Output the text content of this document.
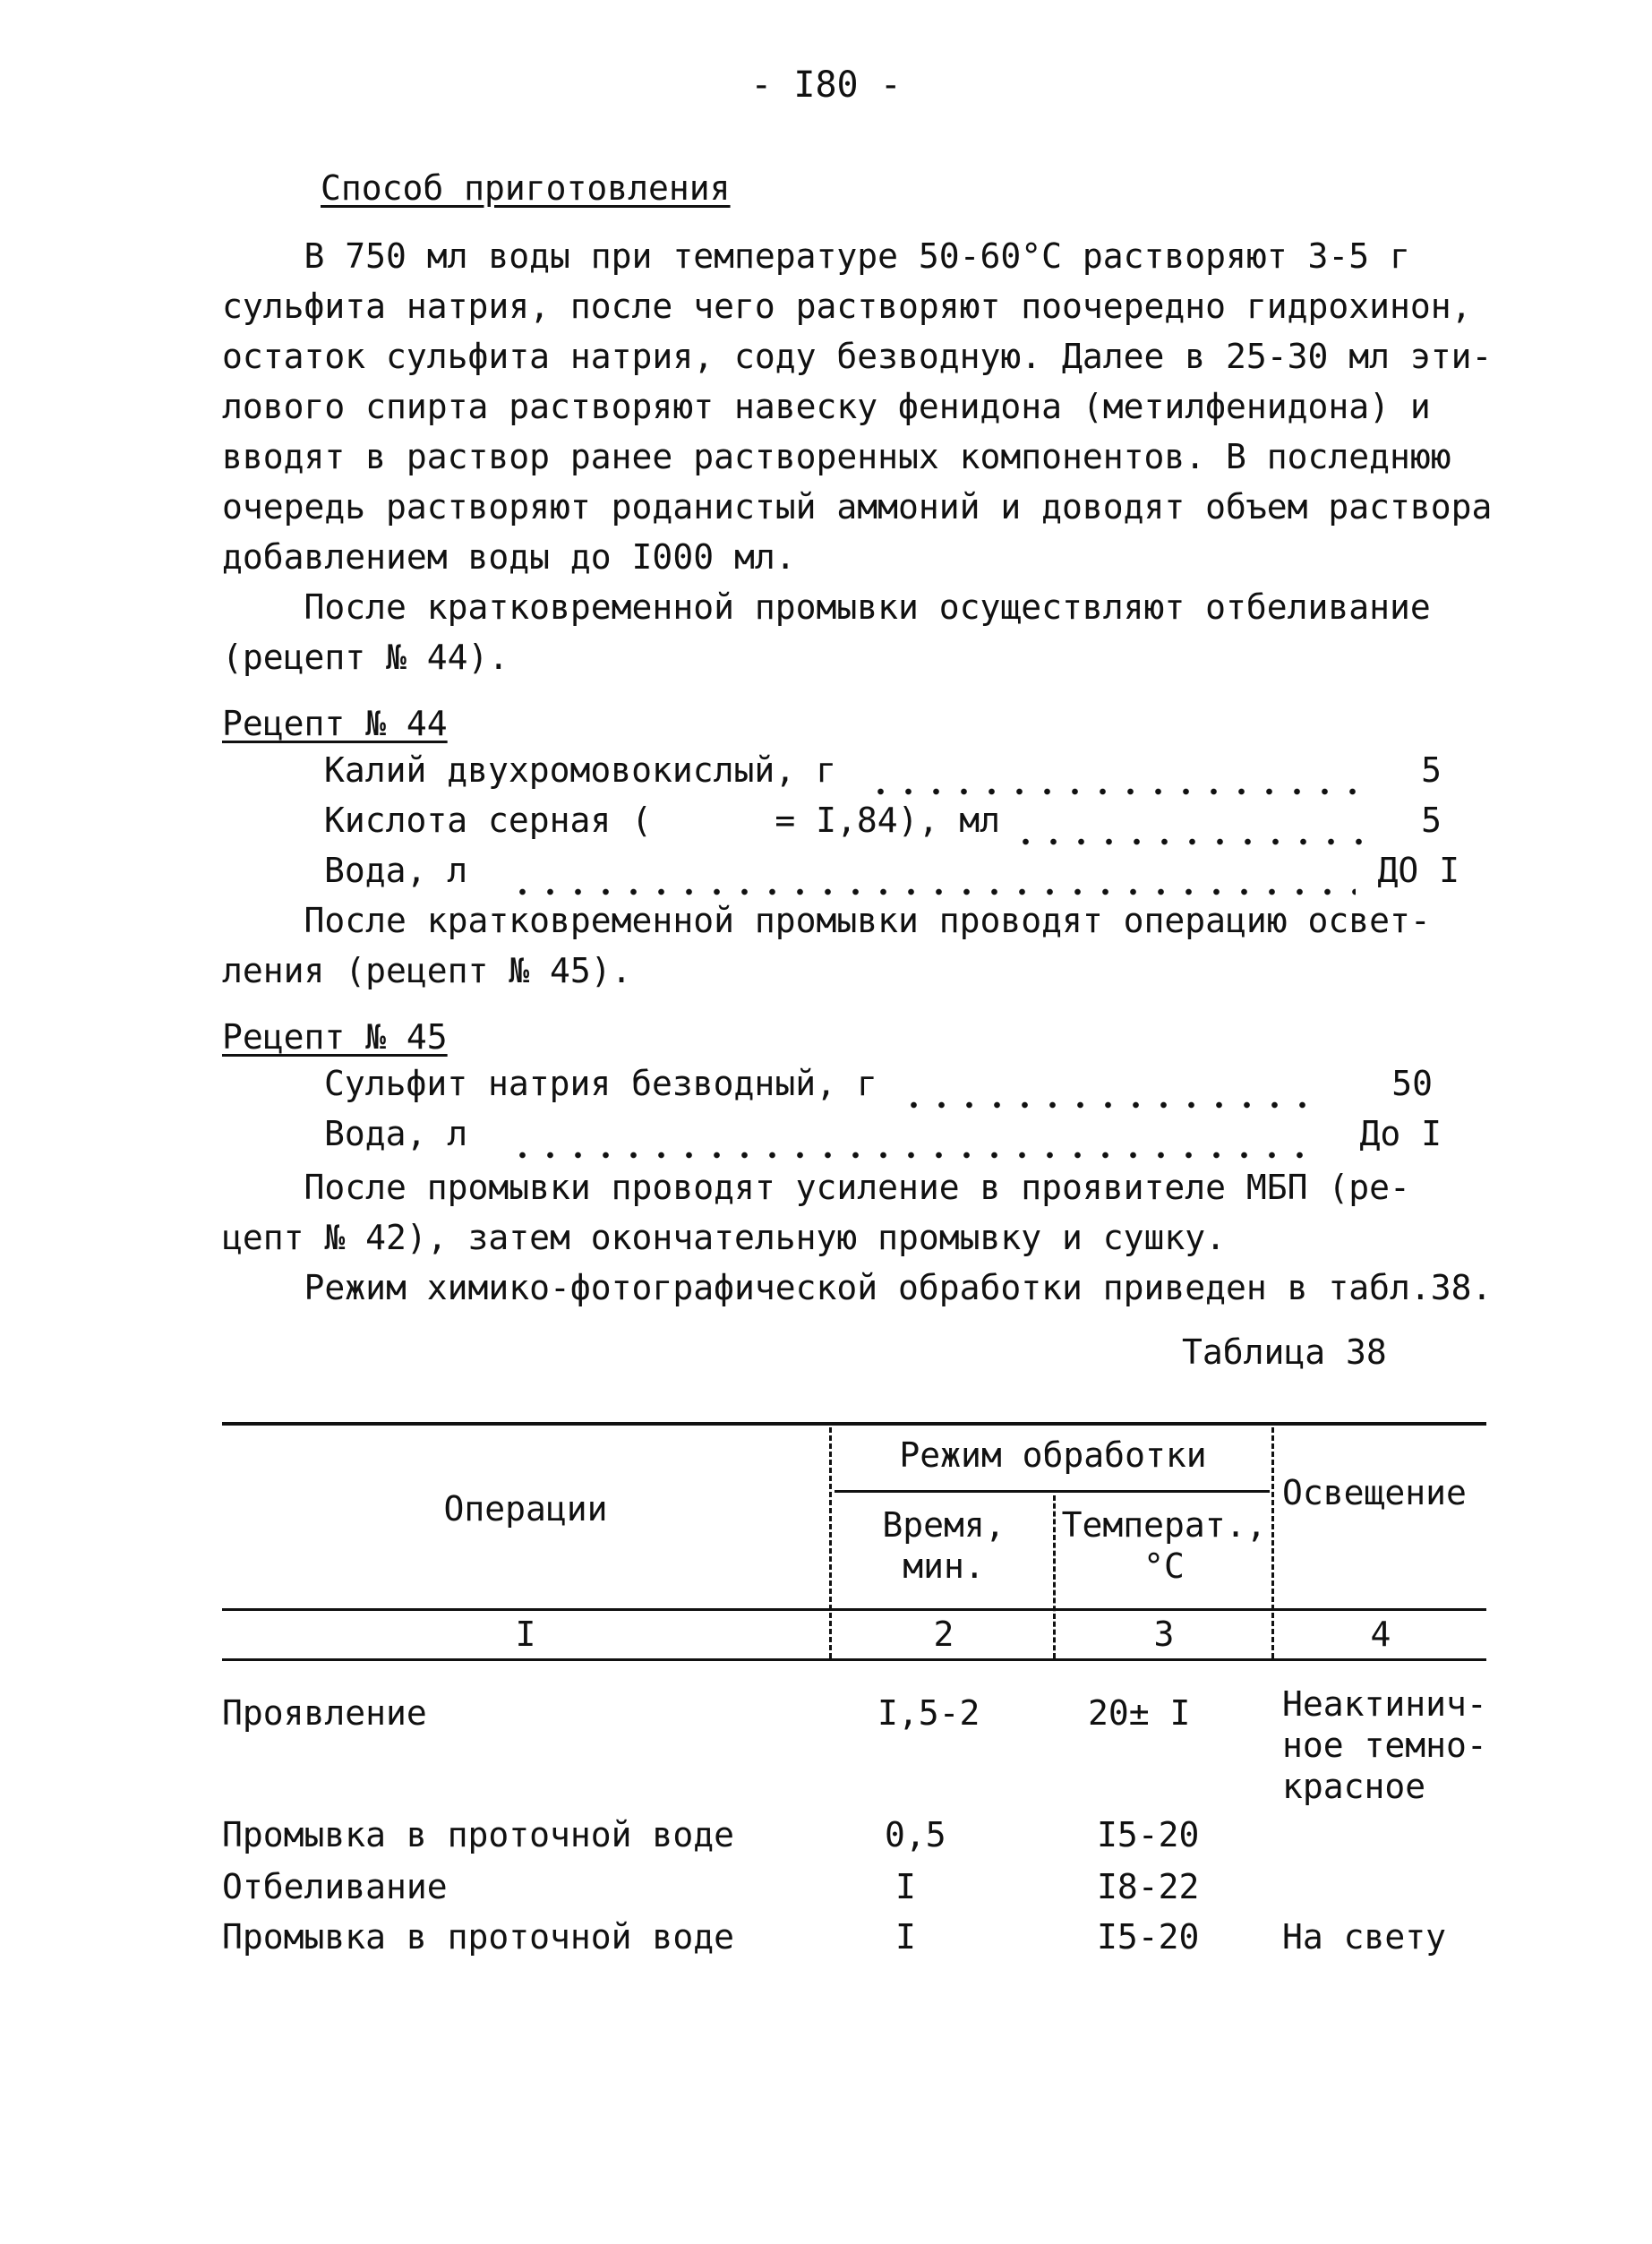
- I80 -
Способ приготовления
В 750 мл воды при температуре 50-60°С растворяют 3-5 г
сульфита натрия, после чего растворяют поочередно гидрохинон,
остаток сульфита натрия, соду безводную. Далее в 25-30 мл эти-
лового спирта растворяют навеску фенидона (метилфенидона) и
вводят в раствор ранее растворенных компонентов. В последнюю
очередь растворяют роданистый аммоний и доводят объем раствора
добавлением воды до I000 мл.
После кратковременной промывки осуществляют отбеливание
(рецепт № 44).
Рецепт № 44
Калий двухромовокислый, г	5
Кислота серная (      = I,84), мл	5
Вода, л	ДО I
После кратковременной промывки проводят операцию освет-
ления (рецепт № 45).
Рецепт № 45
Сульфит натрия безводный, г	50
Вода, л	До I
После промывки проводят усиление в проявителе МБП (ре-
цепт № 42), затем окончательную промывку и сушку.
Режим химико-фотографической обработки приведен в табл.38.
Таблица 38
Операции
Режим обработки
Время,
мин.
Температ.,
°С
Освещение
I	2	3	4
Проявление	I,5-2	20± I	Неактинич-
ное темно-
красное
Промывка в проточной воде	0,5	I5-20
Отбеливание	I	I8-22
Промывка в проточной воде	I	I5-20 На свету
